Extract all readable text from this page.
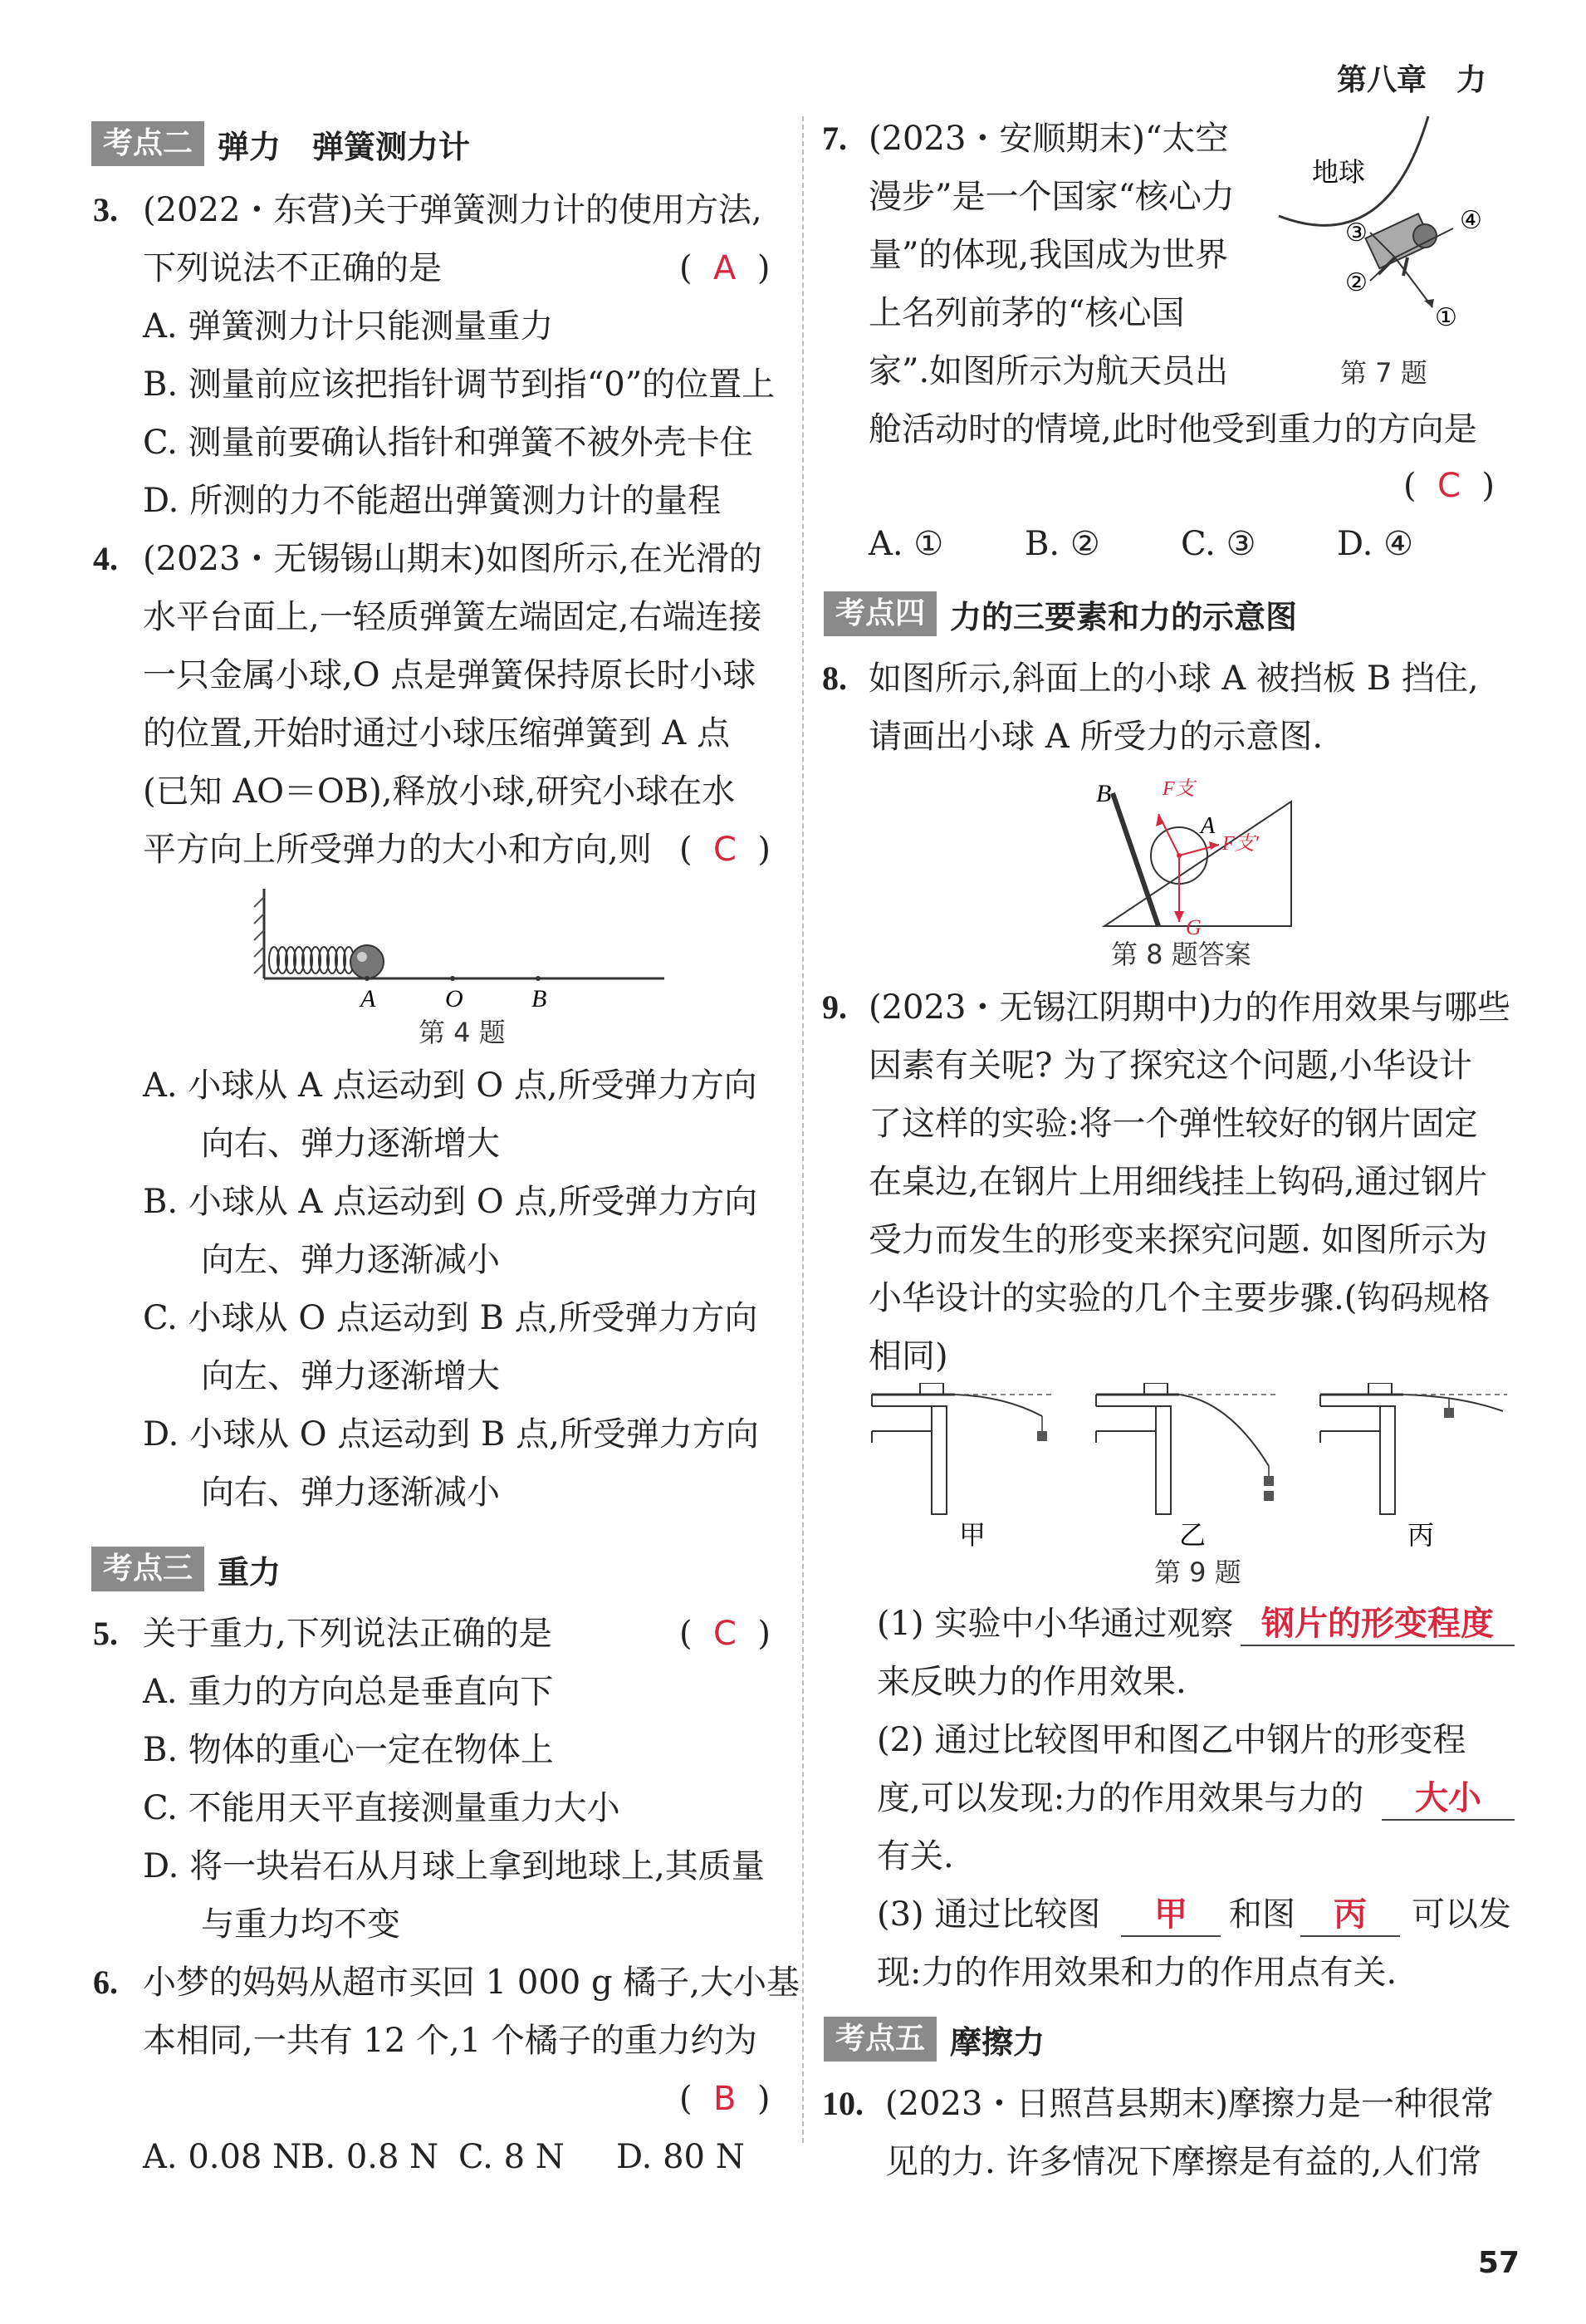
第八章　力
57
考点二 弹力　弹簧测力计
3. (2022・东营)关于弹簧测力计的使用方法,
下列说法不正确的是	(  A  )
A. 弹簧测力计只能测量重力
B. 测量前应该把指针调节到指“0”的位置上
C. 测量前要确认指针和弹簧不被外壳卡住
D. 所测的力不能超出弹簧测力计的量程
4. (2023・无锡锡山期末)如图所示,在光滑的
水平台面上,一轻质弹簧左端固定,右端连接
一只金属小球,O 点是弹簧保持原长时小球
的位置,开始时通过小球压缩弹簧到 A 点
(已知 AO＝OB),释放小球,研究小球在水
平方向上所受弹力的大小和方向,则 (  C  )
A	O	B
第 4 题
A. 小球从 A 点运动到 O 点,所受弹力方向
向右、弹力逐渐增大
B. 小球从 A 点运动到 O 点,所受弹力方向
向左、弹力逐渐减小
C. 小球从 O 点运动到 B 点,所受弹力方向
向左、弹力逐渐增大
D. 小球从 O 点运动到 B 点,所受弹力方向
向右、弹力逐渐减小
考点三 重力
5. 关于重力,下列说法正确的是	(  C  )
A. 重力的方向总是垂直向下
B. 物体的重心一定在物体上
C. 不能用天平直接测量重力大小
D. 将一块岩石从月球上拿到地球上,其质量
与重力均不变
6. 小梦的妈妈从超市买回 1 000 g 橘子,大小基
本相同,一共有 12 个,1 个橘子的重力约为
(  B  )
A. 0.08 N
B. 0.8 N C. 8 N D. 80 N
7. (2023・安顺期末)“太空
漫步”是一个国家“核心力
量”的体现,我国成为世界
上名列前茅的“核心国
家”.如图所示为航天员出
舱活动时的情境,此时他受到重力的方向是
地球
①
②
③	④
第 7 题
(  C  )
A. ① B. ② C. ③ D. ④
考点四 力的三要素和力的示意图
8. 如图所示,斜面上的小球 A 被挡板 B 挡住,
请画出小球 A 所受力的示意图.
B
A
F支
F支′
G
第 8 题答案
9. (2023・无锡江阴期中)力的作用效果与哪些
因素有关呢? 为了探究这个问题,小华设计
了这样的实验:将一个弹性较好的钢片固定
在桌边,在钢片上用细线挂上钩码,通过钢片
受力而发生的形变来探究问题. 如图所示为
小华设计的实验的几个主要步骤.(钩码规格
相同)
甲	乙	丙
第 9 题
(1) 实验中小华通过观察 钢片的形变程度
来反映力的作用效果.
(2) 通过比较图甲和图乙中钢片的形变程
度,可以发现:力的作用效果与力的	大小
有关.
(3) 通过比较图	甲	和图	丙	可以发
现:力的作用效果和力的作用点有关.
考点五 摩擦力
10. (2023・日照莒县期末)摩擦力是一种很常
见的力. 许多情况下摩擦是有益的,人们常
